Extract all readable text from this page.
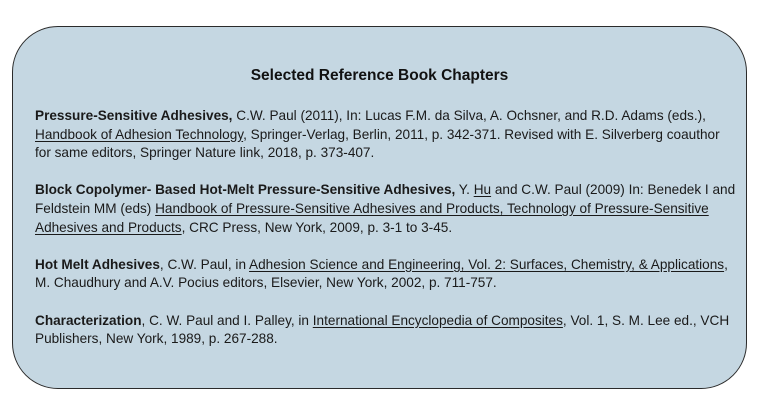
Selected Reference Book Chapters

Pressure-Sensitive Adhesives, C.W. Paul (2011), In: Lucas F.M. da Silva, A. Ochsner, and R.D. Adams (eds.), Handbook of Adhesion Technology, Springer-Verlag, Berlin, 2011, p. 342-371. Revised with E. Silverberg coauthor for same editors, Springer Nature link, 2018, p. 373-407.

Block Copolymer- Based Hot-Melt Pressure-Sensitive Adhesives, Y. Hu and C.W. Paul (2009) In: Benedek I and Feldstein MM (eds) Handbook of Pressure-Sensitive Adhesives and Products, Technology of Pressure-Sensitive Adhesives and Products, CRC Press, New York, 2009, p. 3-1 to 3-45.

Hot Melt Adhesives, C.W. Paul, in Adhesion Science and Engineering, Vol. 2: Surfaces, Chemistry, & Applications, M. Chaudhury and A.V. Pocius editors, Elsevier, New York, 2002, p. 711-757.

Characterization, C. W. Paul and I. Palley, in International Encyclopedia of Composites, Vol. 1, S. M. Lee ed., VCH Publishers, New York, 1989, p. 267-288.
